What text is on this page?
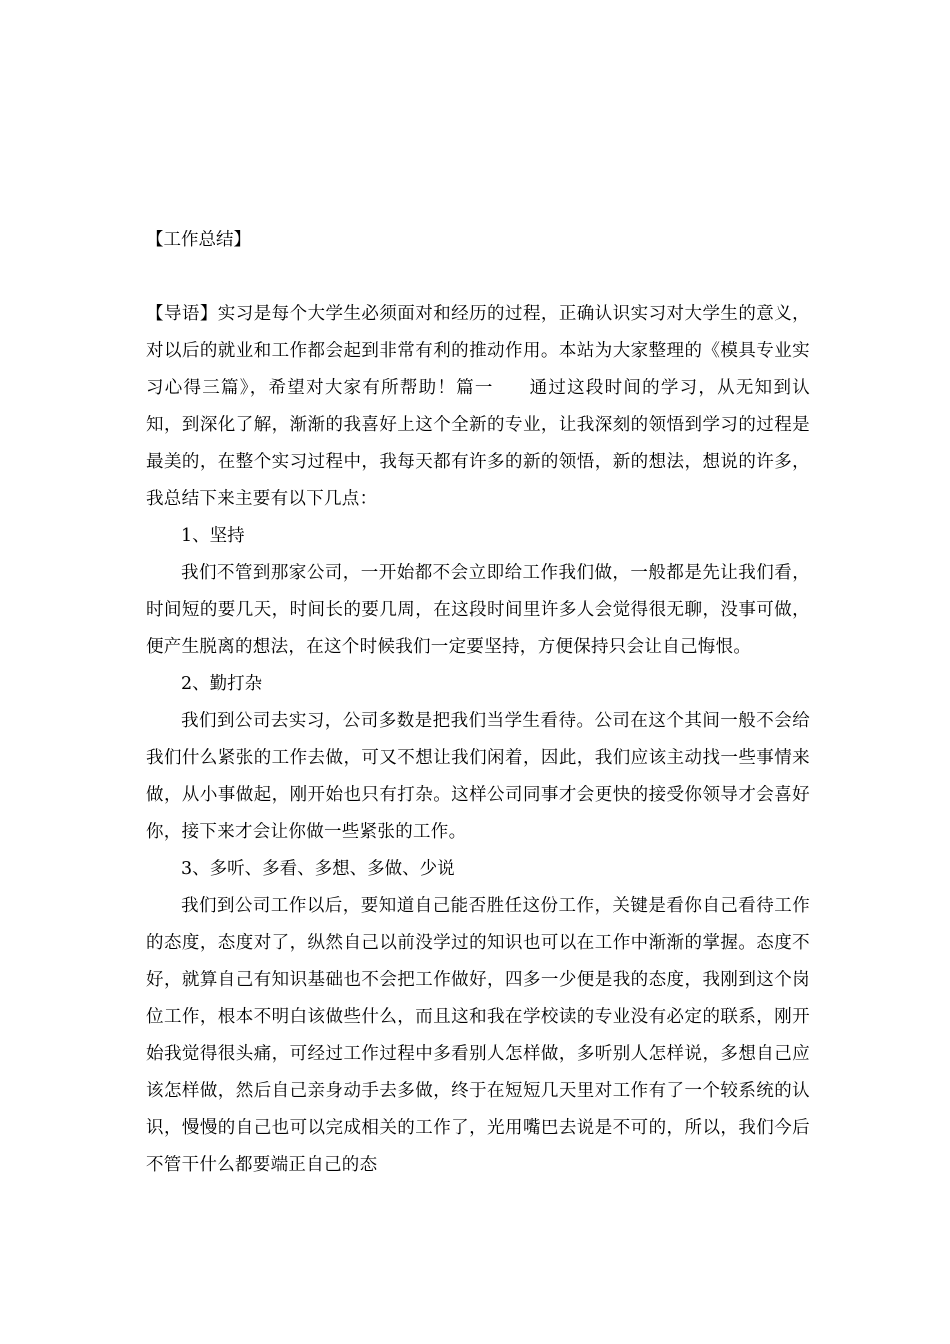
【工作总结】

【导语】实习是每个大学生必须面对和经历的过程，正确认识实习对大学生的意义，对以后的就业和工作都会起到非常有利的推动作用。本站为大家整理的《模具专业实习心得三篇》，希望对大家有所帮助！篇一 通过这段时间的学习，从无知到认知，到深化了解，渐渐的我喜好上这个全新的专业，让我深刻的领悟到学习的过程是最美的，在整个实习过程中，我每天都有许多的新的领悟，新的想法，想说的许多，我总结下来主要有以下几点：

1、坚持

我们不管到那家公司，一开始都不会立即给工作我们做，一般都是先让我们看，时间短的要几天，时间长的要几周，在这段时间里许多人会觉得很无聊，没事可做，便产生脱离的想法，在这个时候我们一定要坚持，方便保持只会让自己悔恨。

2、勤打杂

我们到公司去实习，公司多数是把我们当学生看待。公司在这个其间一般不会给我们什么紧张的工作去做，可又不想让我们闲着，因此，我们应该主动找一些事情来做，从小事做起，刚开始也只有打杂。这样公司同事才会更快的接受你领导才会喜好你，接下来才会让你做一些紧张的工作。

3、多听、多看、多想、多做、少说

我们到公司工作以后，要知道自己能否胜任这份工作，关键是看你自己看待工作的态度，态度对了，纵然自己以前没学过的知识也可以在工作中渐渐的掌握。态度不好，就算自己有知识基础也不会把工作做好，四多一少便是我的态度，我刚到这个岗位工作，根本不明白该做些什么，而且这和我在学校读的专业没有必定的联系，刚开始我觉得很头痛，可经过工作过程中多看别人怎样做，多听别人怎样说，多想自己应该怎样做，然后自己亲身动手去多做，终于在短短几天里对工作有了一个较系统的认识，慢慢的自己也可以完成相关的工作了，光用嘴巴去说是不可的，所以，我们今后不管干什么都要端正自己的态
